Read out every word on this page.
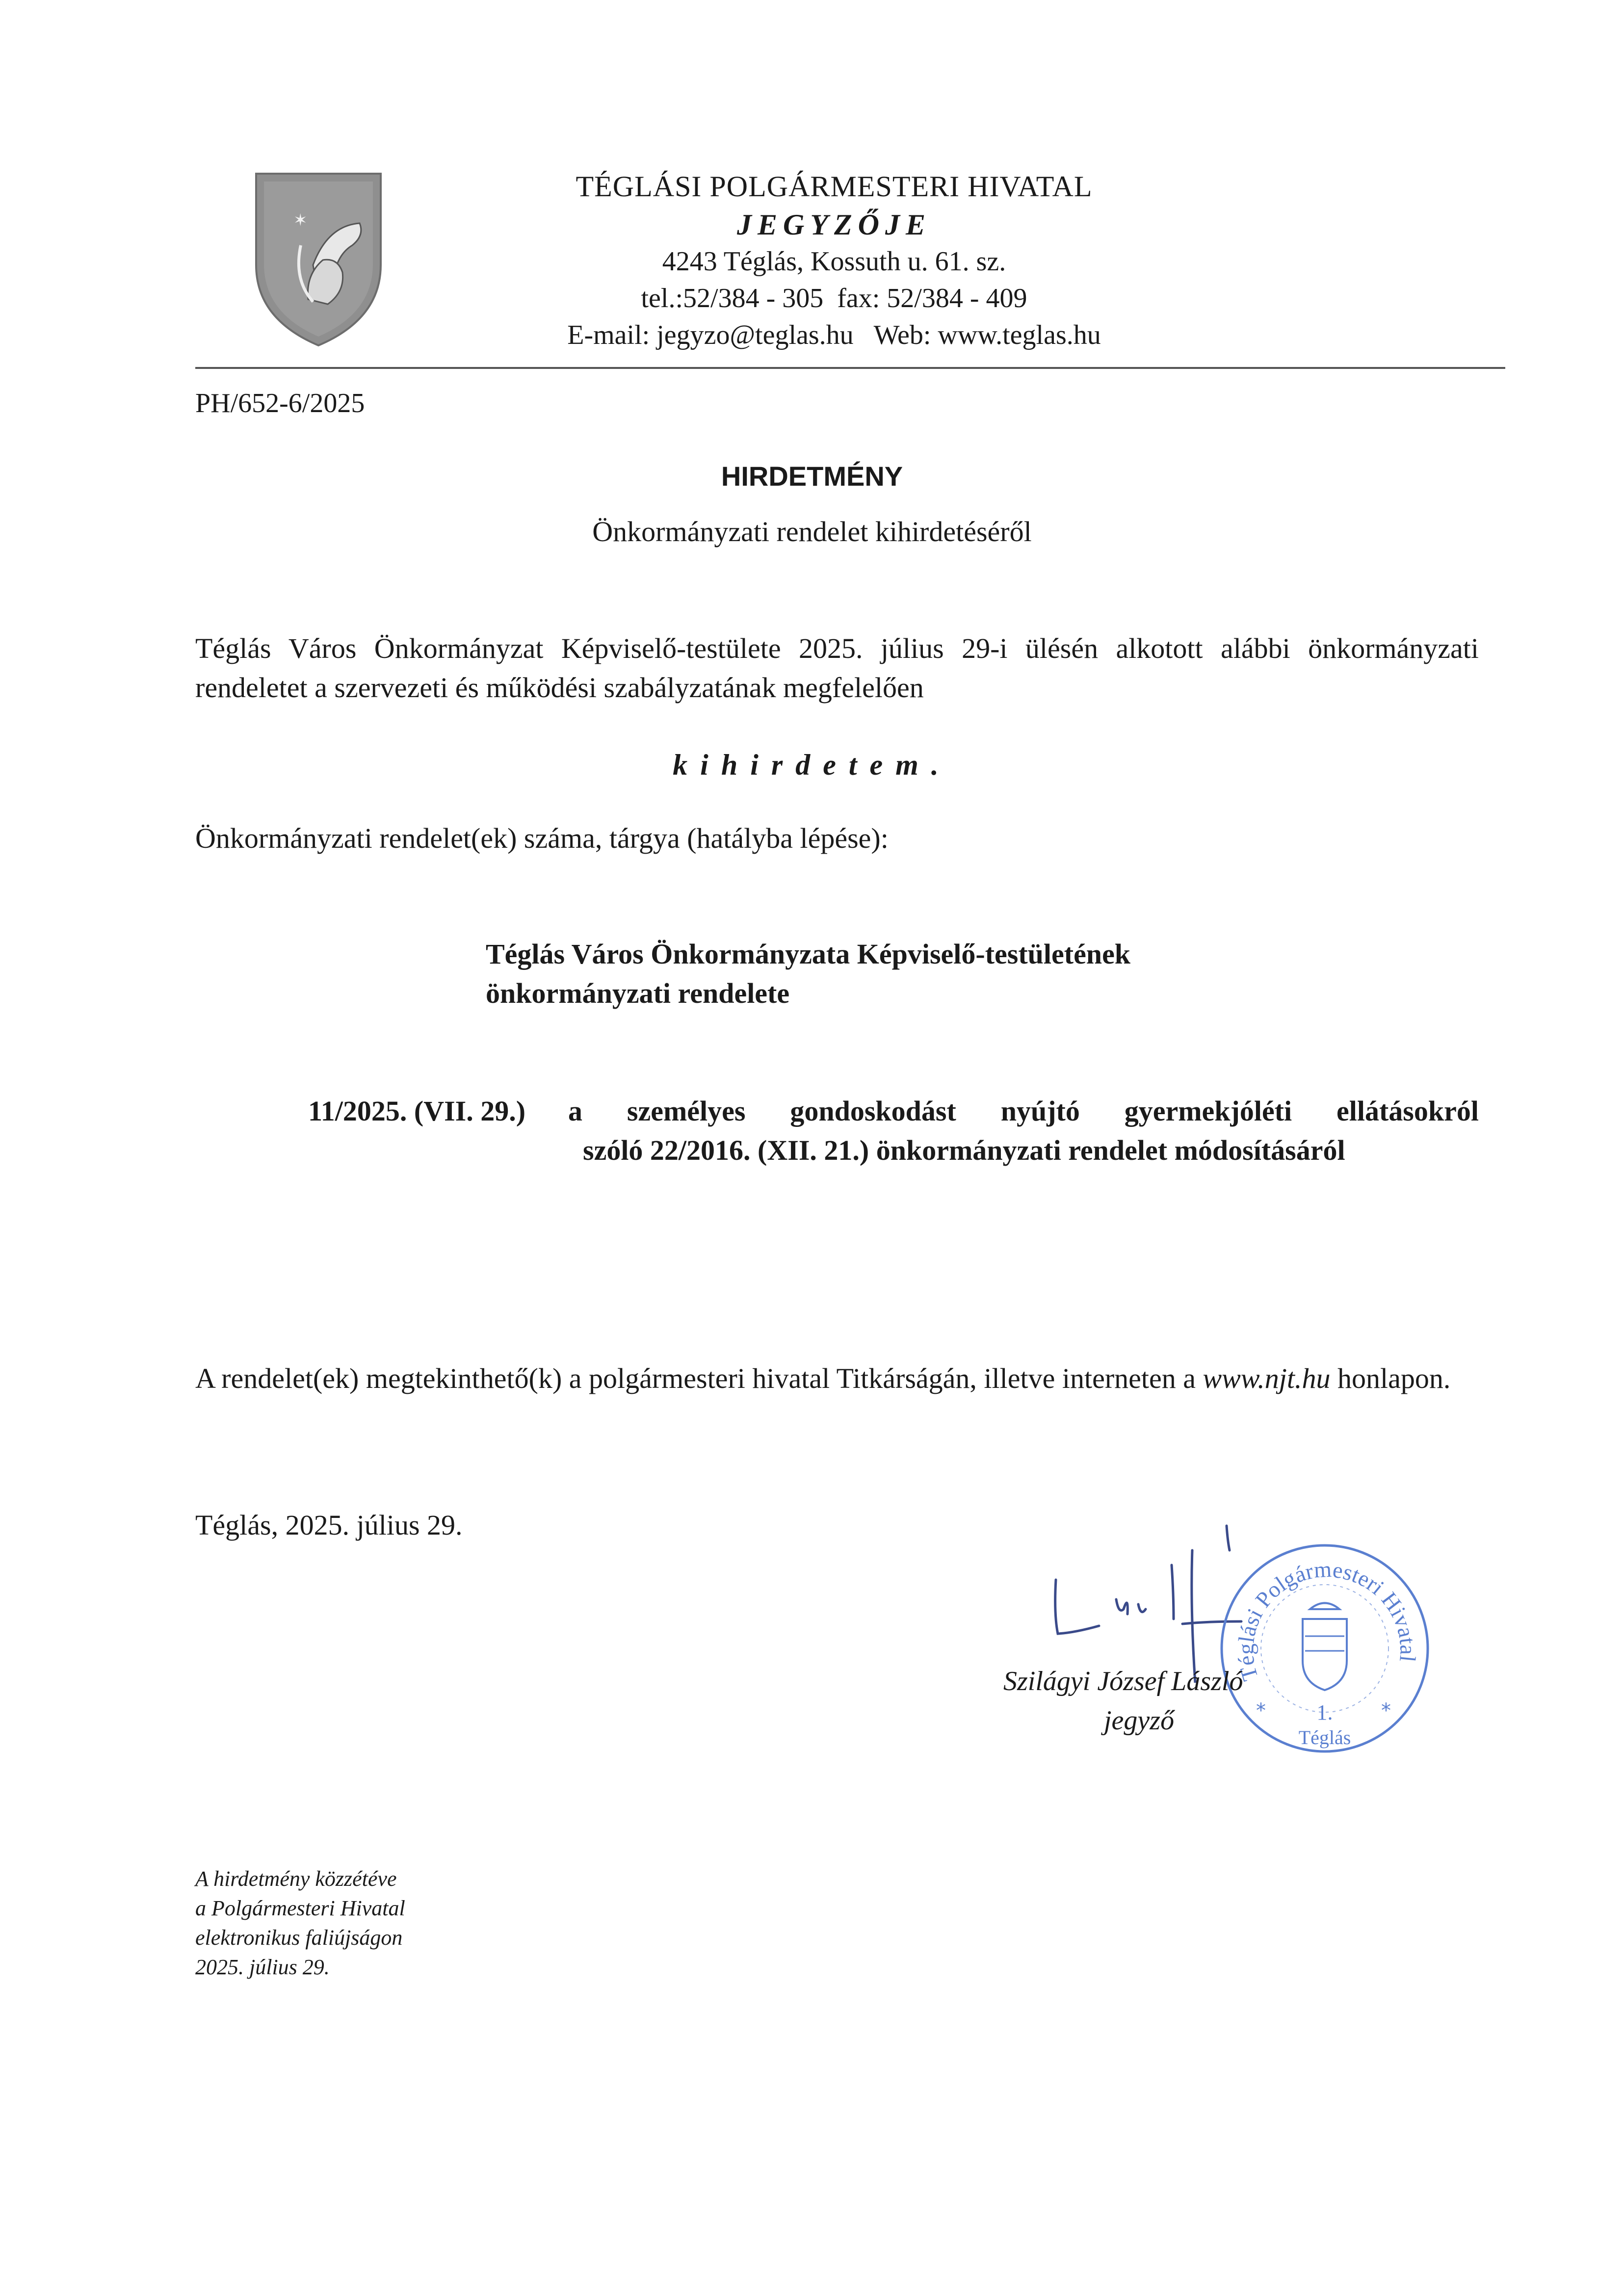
✶
TÉGLÁSI POLGÁRMESTERI HIVATAL
JEGYZŐJE
4243 Téglás, Kossuth u. 61. sz.
tel.:52/384 - 305  fax: 52/384 - 409
E-mail: jegyzo@teglas.hu   Web: www.teglas.hu
PH/652-6/2025
HIRDETMÉNY
Önkormányzati rendelet kihirdetéséről
Téglás Város Önkormányzat Képviselő-testülete 2025. július 29-i ülésén alkotott alábbi önkormányzati rendeletet a szervezeti és működési szabályzatának megfelelően
kihirdetem.
Önkormányzati rendelet(ek) száma, tárgya (hatályba lépése):
Téglás Város Önkormányzata Képviselő-testületének
önkormányzati rendelete
11/2025. (VII. 29.) a személyes gondoskodást nyújtó gyermekjóléti ellátásokról
szóló 22/2016. (XII. 21.) önkormányzati rendelet módosításáról
A rendelet(ek) megtekinthető(k) a polgármesteri hivatal Titkárságán, illetve interneten a www.njt.hu honlapon.
Téglás, 2025. július 29.
Téglási Polgármesteri Hivatal
*	*
1.
Téglás
Szilágyi József László
jegyző
A hirdetmény közzétéve
a Polgármesteri Hivatal
elektronikus faliújságon
2025. július 29.
